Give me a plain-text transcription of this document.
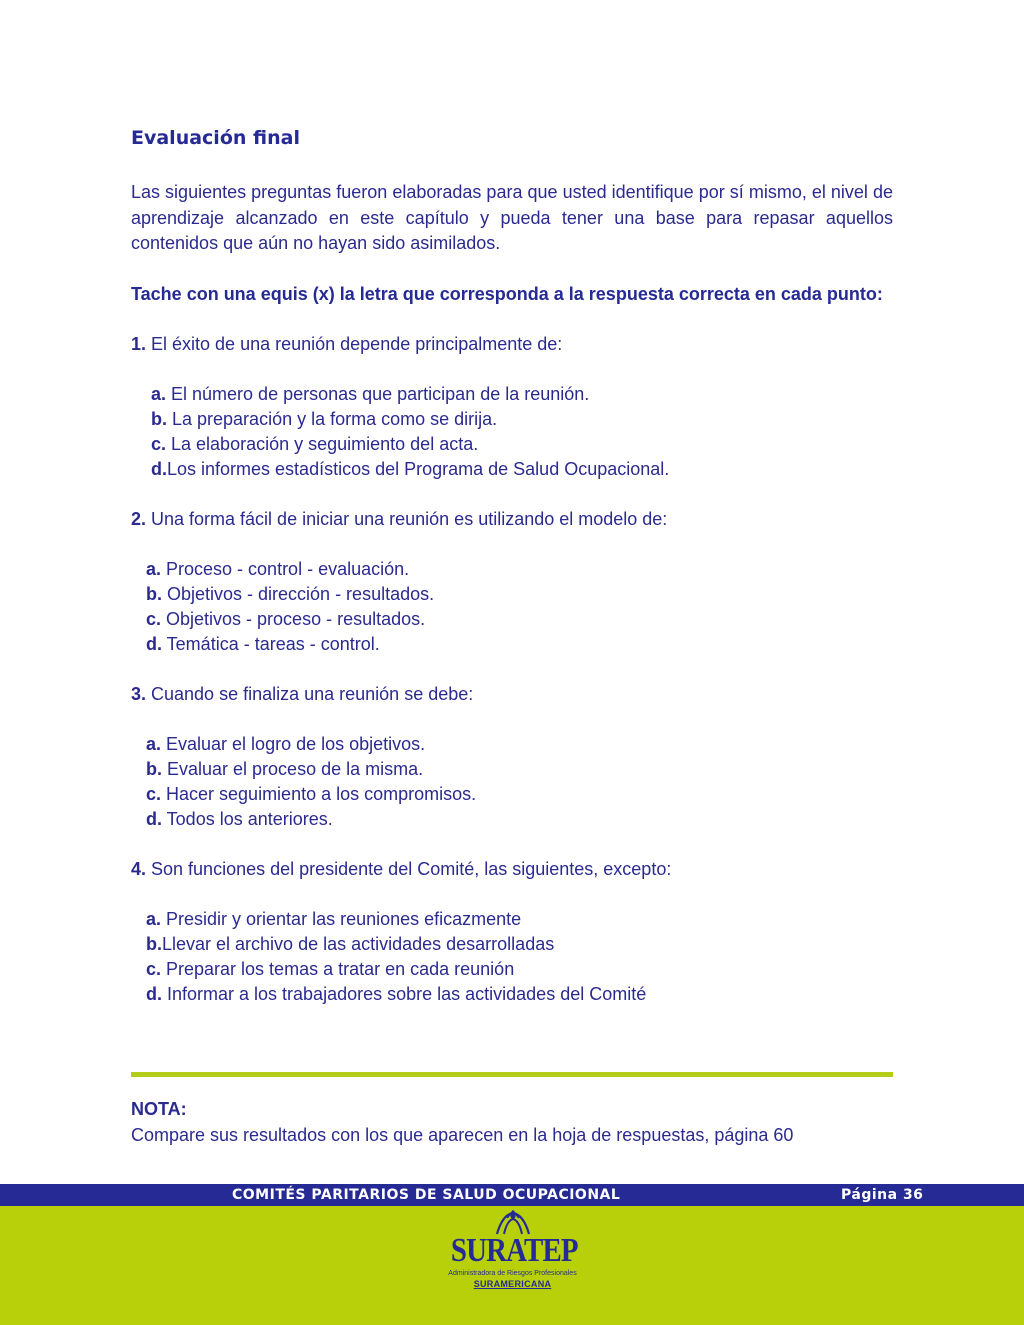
Evaluación final

Las siguientes preguntas fueron elaboradas para que usted identifique por sí mismo, el nivel de aprendizaje alcanzado en este capítulo y pueda tener una base para repasar aquellos contenidos que aún no hayan sido asimilados.

Tache con una equis (x) la letra que corresponda a la respuesta correcta en cada punto:

1. El éxito de una reunión depende principalmente de:

a. El número de personas que participan de la reunión.
b. La preparación y la forma como se dirija.
c. La elaboración y seguimiento del acta.
d.Los informes estadísticos del Programa de Salud Ocupacional.

2. Una forma fácil de iniciar una reunión es utilizando el modelo de:

a. Proceso - control - evaluación.
b. Objetivos - dirección - resultados.
c. Objetivos - proceso - resultados.
d. Temática - tareas - control.

3. Cuando se finaliza una reunión se debe:

a. Evaluar el logro de los objetivos.
b. Evaluar el proceso de la misma.
c. Hacer seguimiento a los compromisos.
d. Todos los anteriores.

4. Son funciones del presidente del Comité, las siguientes, excepto:

a. Presidir y orientar las reuniones eficazmente
b.Llevar el archivo de las actividades desarrolladas
c. Preparar los temas a tratar en cada reunión
d. Informar a los trabajadores sobre las actividades del Comité
NOTA:
Compare sus resultados con los que aparecen en la hoja de respuestas, página 60
COMITÉS PARITARIOS DE SALUD OCUPACIONAL	Página 36
SURATEP
Administradora de Riesgos Profesionales
SURAMERICANA
